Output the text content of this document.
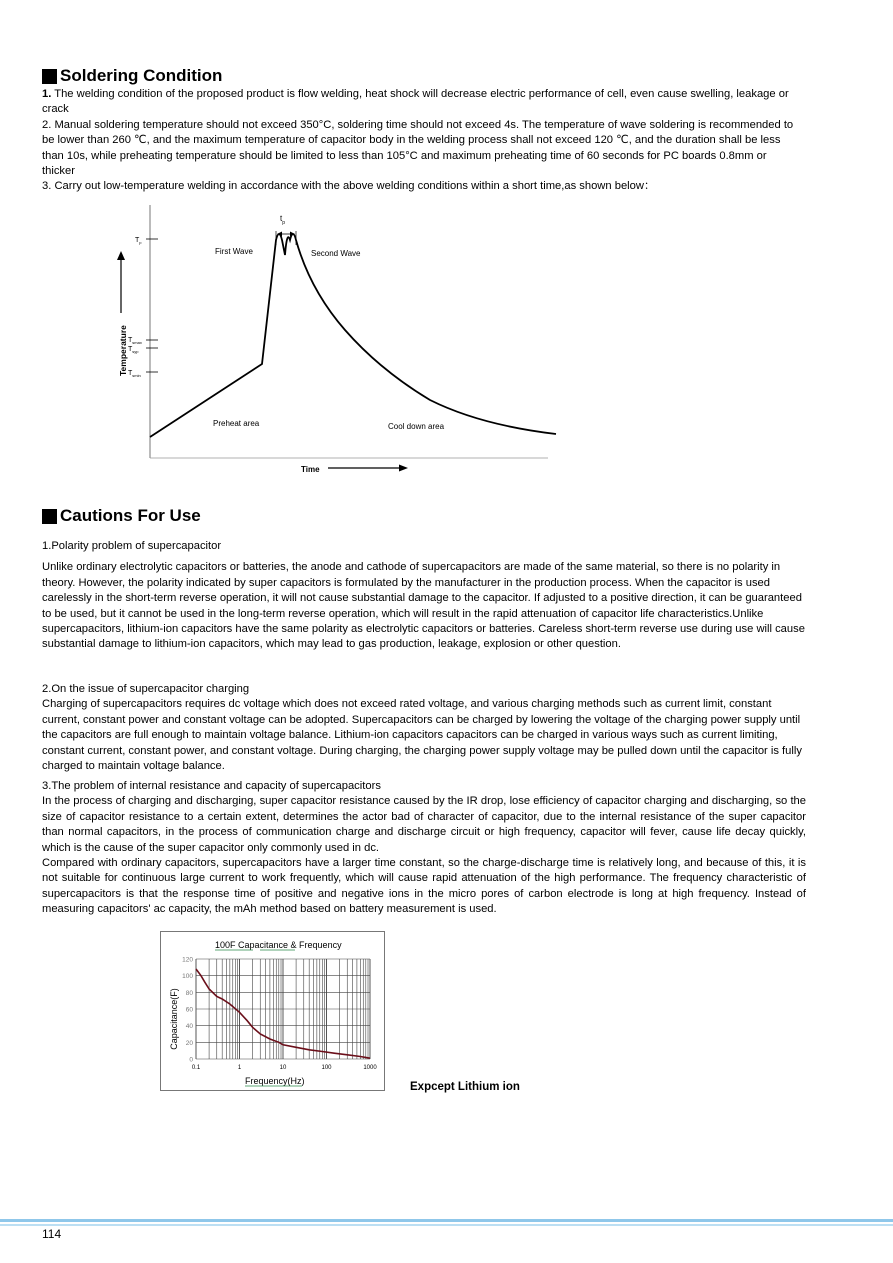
Soldering Condition

1. The welding condition of the proposed product is flow welding, heat shock will decrease electric performance of cell, even cause swelling, leakage or crack

2. Manual soldering temperature should not exceed 350°C, soldering time should not exceed 4s. The temperature of wave soldering is recommended to be lower than 260 ℃, and the maximum temperature of capacitor body in the welding process shall not exceed 120 ℃, and the duration shall be less than 10s, while preheating temperature should be limited to less than 105°C and maximum preheating time of 60 seconds for PC boards 0.8mm or thicker

3. Carry out low-temperature welding in accordance with the above welding conditions within a short time,as shown below：

$T_p$
$T_{smax}$
$T_{syp}$
$T_{smin}$
Temperature
$t_p$
First Wave	Second Wave
Preheat area	Cool down area
Time
Cautions For Use

1.Polarity problem of supercapacitor

Unlike ordinary electrolytic capacitors or batteries, the anode and cathode of supercapacitors are made of the same material, so there is no polarity in theory. However, the polarity indicated by super capacitors is formulated by the manufacturer in the production process. When the capacitor is used carelessly in the short-term reverse operation, it will not cause substantial damage to the capacitor. If adjusted to a positive direction, it can be guaranteed to be used, but it cannot be used in the long-term reverse operation, which will result in the rapid attenuation of capacitor life characteristics.Unlike supercapacitors, lithium-ion capacitors have the same polarity as electrolytic capacitors or batteries. Careless short-term reverse use during use will cause substantial damage to lithium-ion capacitors, which may lead to gas production, leakage, explosion or other question.

2.On the issue of supercapacitor charging

Charging of supercapacitors requires dc voltage which does not exceed rated voltage, and various charging methods such as current limit, constant current, constant power and constant voltage can be adopted. Supercapacitors can be charged by lowering the voltage of the charging power supply until the capacitors are full enough to maintain voltage balance. Lithium-ion capacitors capacitors can be charged in various ways such as current limiting, constant current, constant power, and constant voltage. During charging, the charging power supply voltage may be pulled down until the capacitor is fully charged to maintain voltage balance.

3.The problem of internal resistance and capacity of supercapacitors

In the process of charging and discharging, super capacitor resistance caused by the IR drop, lose efficiency of capacitor charging and discharging, so the size of capacitor resistance to a certain extent, determines the actor bad of character of capacitor, due to the internal resistance of the super capacitor than normal capacitors, in the process of communication charge and discharge circuit or high frequency, capacitor will fever, cause life decay quickly, which is the cause of the super capacitor only commonly used in dc.

Compared with ordinary capacitors, supercapacitors have a larger time constant, so the charge-discharge time is relatively long, and because of this, it is not suitable for continuous large current to work frequently, which will cause rapid attenuation of the high performance. The frequency characteristic of supercapacitors is that the response time of positive and negative ions in the micro pores of carbon electrode is long at high frequency. Instead of measuring capacitors' ac capacity, the mAh method based on battery measurement is used.

100F Capacitance & Frequency
0
20
40
60
80
100
120
0.1	1	10	100	1000
Capacitance(F)
Frequency(Hz)	Expcept Lithium ion
114
